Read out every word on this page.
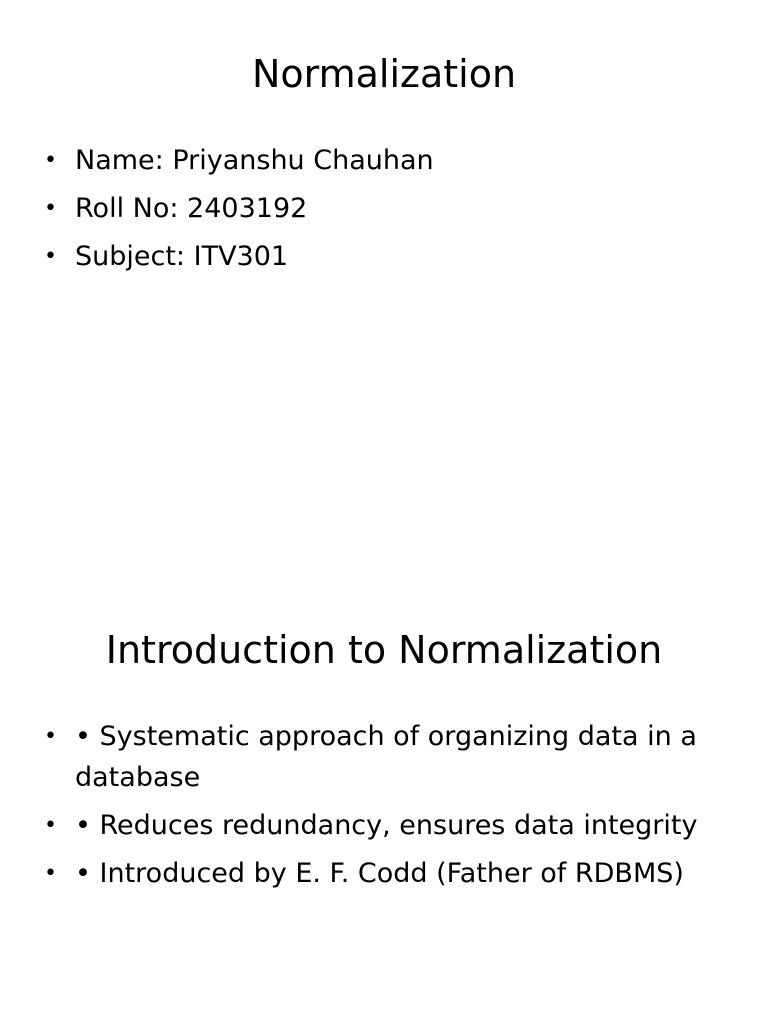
Normalization
• Name: Priyanshu Chauhan
• Roll No: 2403192
• Subject: ITV301
Introduction to Normalization
• • Systematic approach of organizing data in a database
• • Reduces redundancy, ensures data integrity
• • Introduced by E. F. Codd (Father of RDBMS)
